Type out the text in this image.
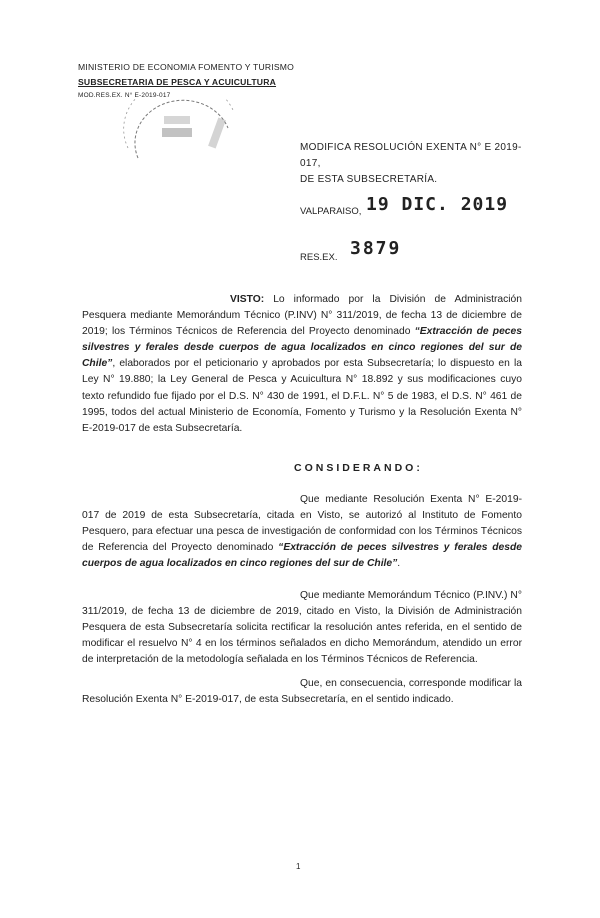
MINISTERIO DE ECONOMIA FOMENTO Y TURISMO
SUBSECRETARIA DE PESCA Y ACUICULTURA
MOD.RES.EX. N° E-2019-017
MODIFICA RESOLUCIÓN EXENTA N° E 2019-017,
DE ESTA SUBSECRETARÍA.
VALPARAISO, 19 DIC. 2019
RES.EX. 3879
VISTO: Lo informado por la División de Administración Pesquera mediante Memorándum Técnico (P.INV) N° 311/2019, de fecha 13 de diciembre de 2019; los Términos Técnicos de Referencia del Proyecto denominado “Extracción de peces silvestres y ferales desde cuerpos de agua localizados en cinco regiones del sur de Chile”, elaborados por el peticionario y aprobados por esta Subsecretaría; lo dispuesto en la Ley N° 19.880; la Ley General de Pesca y Acuicultura N° 18.892 y sus modificaciones cuyo texto refundido fue fijado por el D.S. N° 430 de 1991, el D.F.L. N° 5 de 1983, el D.S. N° 461 de 1995, todos del actual Ministerio de Economía, Fomento y Turismo y la Resolución Exenta N° E-2019-017 de esta Subsecretaría.
CONSIDERANDO:
Que mediante Resolución Exenta N° E-2019-017 de 2019 de esta Subsecretaría, citada en Visto, se autorizó al Instituto de Fomento Pesquero, para efectuar una pesca de investigación de conformidad con los Términos Técnicos de Referencia del Proyecto denominado “Extracción de peces silvestres y ferales desde cuerpos de agua localizados en cinco regiones del sur de Chile”.
Que mediante Memorándum Técnico (P.INV.) N° 311/2019, de fecha 13 de diciembre de 2019, citado en Visto, la División de Administración Pesquera de esta Subsecretaría solicita rectificar la resolución antes referida, en el sentido de modificar el resuelvo N° 4 en los términos señalados en dicho Memorándum, atendido un error de interpretación de la metodología señalada en los Términos Técnicos de Referencia.
Que, en consecuencia, corresponde modificar la Resolución Exenta N° E-2019-017, de esta Subsecretaría, en el sentido indicado.
1
